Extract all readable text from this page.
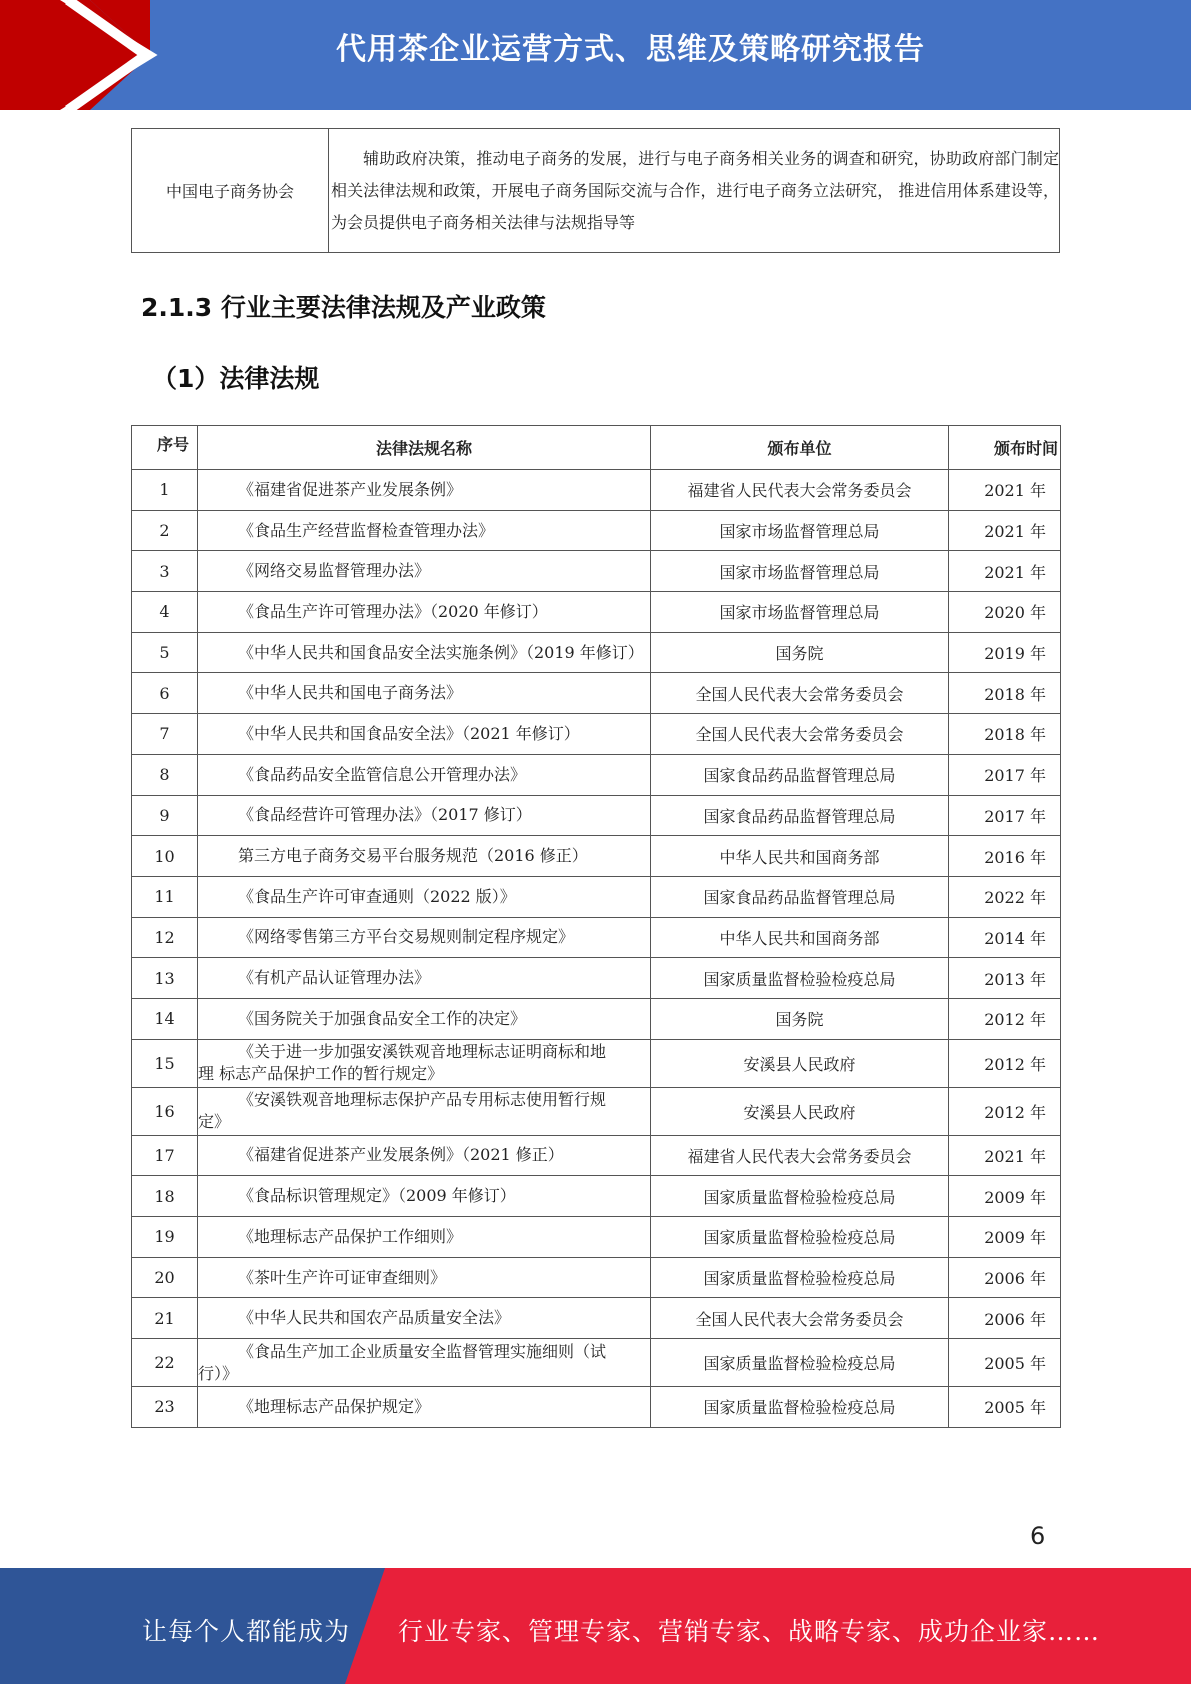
代用茶企业运营方式、思维及策略研究报告
中国电子商务协会	辅助政府决策，推动电子商务的发展，进行与电子商务相关业务的调查和研究，协助政府部门制定相关法律法规和政策，开展电子商务国际交流与合作，进行电子商务立法研究， 推进信用体系建设等，为会员提供电子商务相关法律与法规指导等
2.1.3 行业主要法律法规及产业政策
（1）法律法规
序号	法律法规名称	颁布单位	颁布时间
1	《福建省促进茶产业发展条例》	福建省人民代表大会常务委员会	2021 年
2	《食品生产经营监督检查管理办法》	国家市场监督管理总局	2021 年
3	《网络交易监督管理办法》	国家市场监督管理总局	2021 年
4	《食品生产许可管理办法》（2020 年修订）	国家市场监督管理总局	2020 年
5	《中华人民共和国食品安全法实施条例》（2019 年修订）	国务院	2019 年
6	《中华人民共和国电子商务法》	全国人民代表大会常务委员会	2018 年
7	《中华人民共和国食品安全法》（2021 年修订）	全国人民代表大会常务委员会	2018 年
8	《食品药品安全监管信息公开管理办法》	国家食品药品监督管理总局	2017 年
9	《食品经营许可管理办法》（2017 修订）	国家食品药品监督管理总局	2017 年
10	第三方电子商务交易平台服务规范（2016 修正）	中华人民共和国商务部	2016 年
11	《食品生产许可审查通则（2022 版）》	国家食品药品监督管理总局	2022 年
12	《网络零售第三方平台交易规则制定程序规定》	中华人民共和国商务部	2014 年
13	《有机产品认证管理办法》	国家质量监督检验检疫总局	2013 年
14	《国务院关于加强食品安全工作的决定》	国务院	2012 年
15	《关于进一步加强安溪铁观音地理标志证明商标和地
理 标志产品保护工作的暂行规定》	安溪县人民政府	2012 年
16	《安溪铁观音地理标志保护产品专用标志使用暂行规
定》	安溪县人民政府	2012 年
17	《福建省促进茶产业发展条例》（2021 修正）	福建省人民代表大会常务委员会	2021 年
18	《食品标识管理规定》（2009 年修订）	国家质量监督检验检疫总局	2009 年
19	《地理标志产品保护工作细则》	国家质量监督检验检疫总局	2009 年
20	《茶叶生产许可证审查细则》	国家质量监督检验检疫总局	2006 年
21	《中华人民共和国农产品质量安全法》	全国人民代表大会常务委员会	2006 年
22	《食品生产加工企业质量安全监督管理实施细则（试
行）》	国家质量监督检验检疫总局	2005 年
23	《地理标志产品保护规定》	国家质量监督检验检疫总局	2005 年
6
让每个人都能成为 行业专家、管理专家、营销专家、战略专家、成功企业家……
